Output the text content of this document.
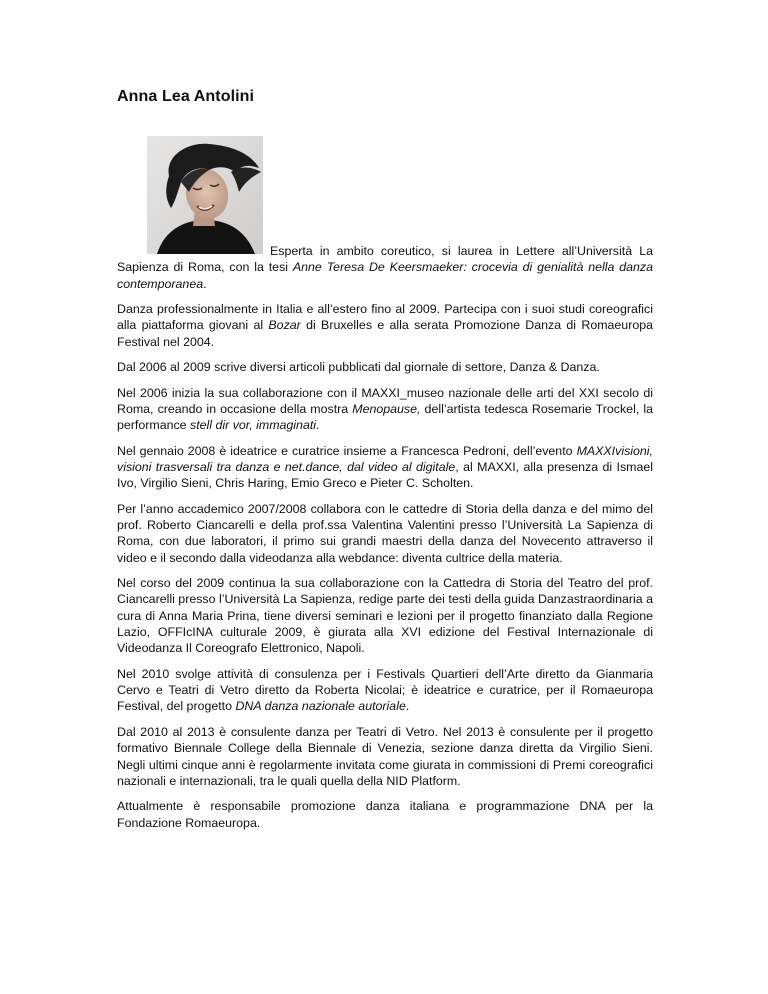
Anna Lea Antolini

Esperta in ambito coreutico, si laurea in Lettere all’Università La Sapienza di Roma, con la tesi Anne Teresa De Keersmaeker: crocevia di genialità nella danza contemporanea.

Danza professionalmente in Italia e all’estero fino al 2009. Partecipa con i suoi studi coreografici alla piattaforma giovani al Bozar di Bruxelles e alla serata Promozione Danza di Romaeuropa Festival nel 2004.

Dal 2006 al 2009 scrive diversi articoli pubblicati dal giornale di settore, Danza & Danza.

Nel 2006 inizia la sua collaborazione con il MAXXI_museo nazionale delle arti del XXI secolo di Roma, creando in occasione della mostra Menopause, dell’artista tedesca Rosemarie Trockel, la performance stell dir vor, immaginati.

Nel gennaio 2008 è ideatrice e curatrice insieme a Francesca Pedroni, dell’evento MAXXIvisioni, visioni trasversali tra danza e net.dance, dal video al digitale, al MAXXI, alla presenza di Ismael Ivo, Virgilio Sieni, Chris Haring, Emio Greco e Pieter C. Scholten.

Per l’anno accademico 2007/2008 collabora con le cattedre di Storia della danza e del mimo del prof. Roberto Ciancarelli e della prof.ssa Valentina Valentini presso l’Università La Sapienza di Roma, con due laboratori, il primo sui grandi maestri della danza del Novecento attraverso il video e il secondo dalla videodanza alla webdance: diventa cultrice della materia.

Nel corso del 2009 continua la sua collaborazione con la Cattedra di Storia del Teatro del prof. Ciancarelli presso l’Università La Sapienza, redige parte dei testi della guida Danzastraordinaria a cura di Anna Maria Prina, tiene diversi seminari e lezioni per il progetto finanziato dalla Regione Lazio, OFFIcINA culturale 2009, è giurata alla XVI edizione del Festival Internazionale di Videodanza Il Coreografo Elettronico, Napoli.

Nel 2010 svolge attività di consulenza per i Festivals Quartieri dell’Arte diretto da Gianmaria Cervo e Teatri di Vetro diretto da Roberta Nicolai; è ideatrice e curatrice, per il Romaeuropa Festival, del progetto DNA danza nazionale autoriale.

Dal 2010 al 2013 è consulente danza per Teatri di Vetro. Nel 2013 è consulente per il progetto formativo Biennale College della Biennale di Venezia, sezione danza diretta da Virgilio Sieni. Negli ultimi cinque anni è regolarmente invitata come giurata in commissioni di Premi coreografici nazionali e internazionali, tra le quali quella della NID Platform.

Attualmente è responsabile promozione danza italiana e programmazione DNA per la Fondazione Romaeuropa.
